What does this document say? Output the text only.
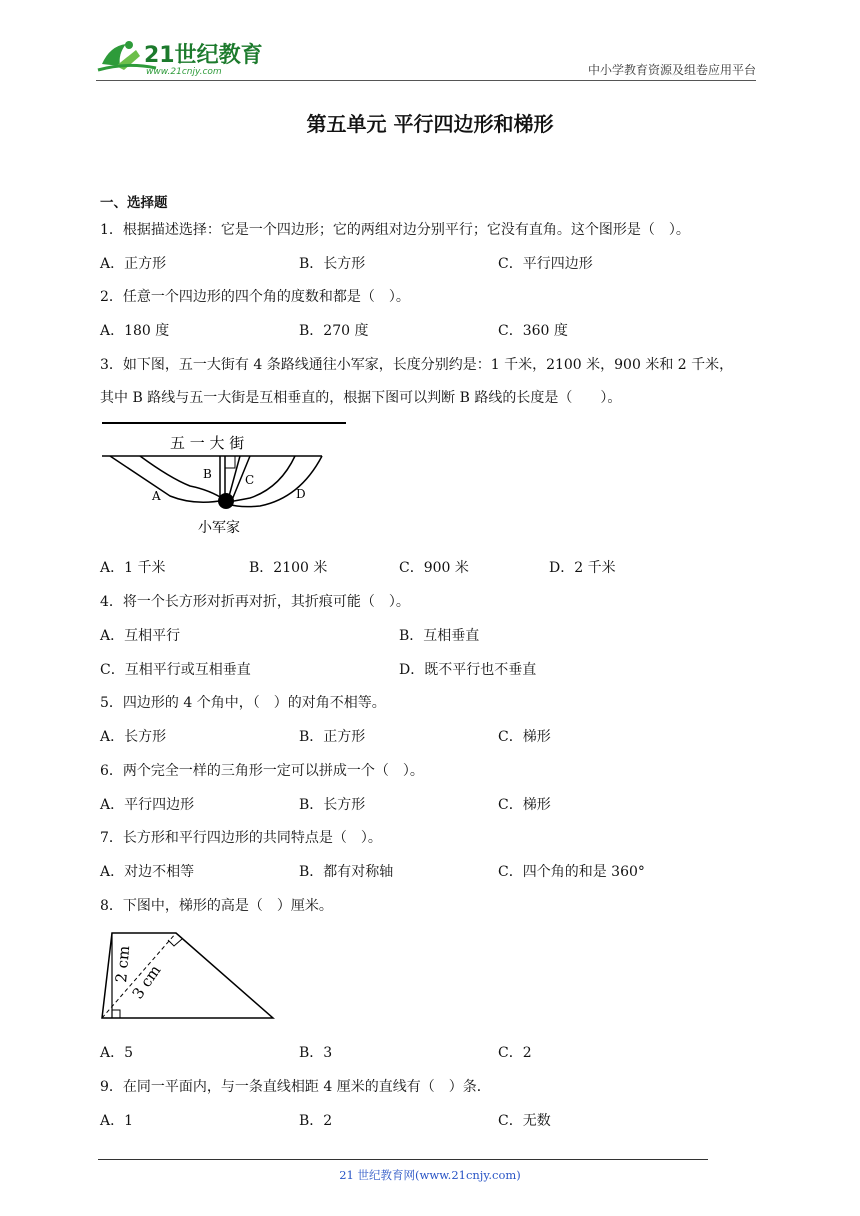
21世纪教育
www.21cnjy.com	中小学教育资源及组卷应用平台
第五单元 平行四边形和梯形
一、选择题
1．根据描述选择：它是一个四边形；它的两组对边分别平行；它没有直角。这个图形是（　）。
A．正方形	B．长方形	C．平行四边形
2．任意一个四边形的四个角的度数和都是（　）。
A．180 度	B．270 度	C．360 度
3．如下图，五一大街有 4 条路线通往小军家，长度分别约是：1 千米，2100 米，900 米和 2 千米，
其中 B 路线与五一大街是互相垂直的，根据下图可以判断 B 路线的长度是（　　）。
五 一 大 街
A
B	C
D
小军家
A．1 千米	B．2100 米	C．900 米	D．2 千米
4．将一个长方形对折再对折，其折痕可能（　）。
A．互相平行	B．互相垂直
C．互相平行或互相垂直	D．既不平行也不垂直
5．四边形的 4 个角中，（　）的对角不相等。
A．长方形	B．正方形	C．梯形
6．两个完全一样的三角形一定可以拼成一个（　）。
A．平行四边形	B．长方形	C．梯形
7．长方形和平行四边形的共同特点是（　）。
A．对边不相等	B．都有对称轴	C．四个角的和是 360°
8．下图中，梯形的高是（　）厘米。
2 cm
3 cm
A．5	B．3	C．2
9．在同一平面内，与一条直线相距 4 厘米的直线有（　）条．
A．1	B．2	C．无数
21 世纪教育网(www.21cnjy.com)
